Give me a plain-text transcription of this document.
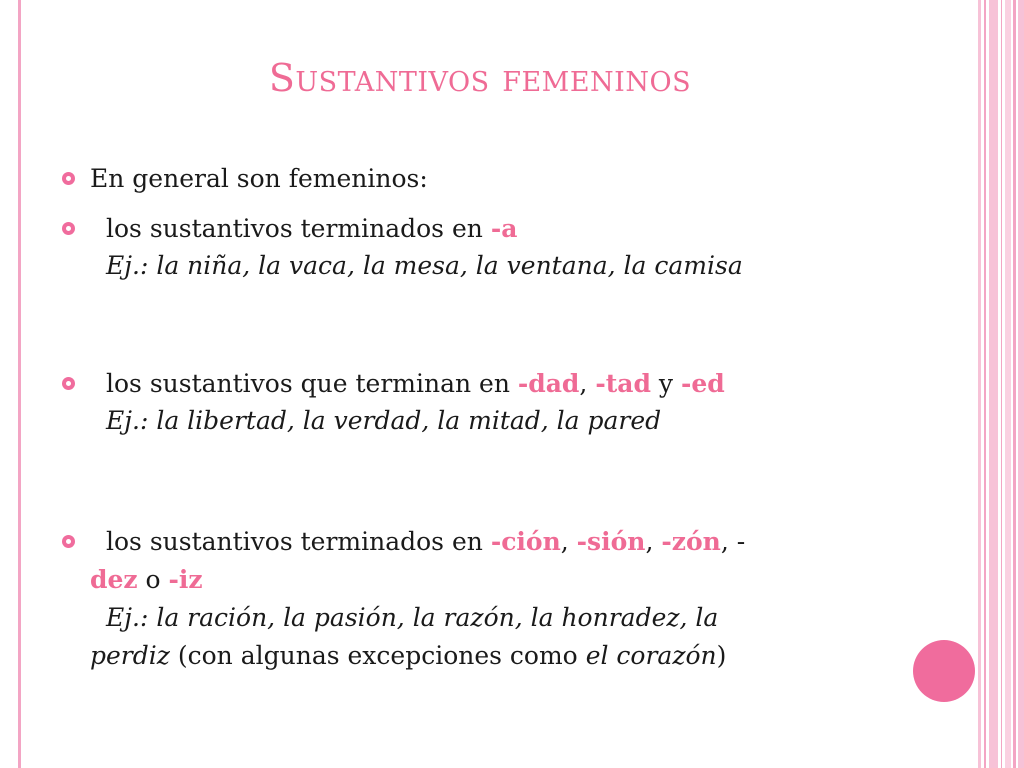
Sustantivos femeninos
En general son femeninos:
los sustantivos terminados en -a
Ej.: la niña, la vaca, la mesa, la ventana, la camisa
los sustantivos que terminan en -dad, -tad y -ed
Ej.: la libertad, la verdad, la mitad, la pared
los sustantivos terminados en -ción, -sión, -zón, -
dez o -iz
Ej.: la ración, la pasión, la razón, la honradez, la
perdiz (con algunas excepciones como el corazón)
